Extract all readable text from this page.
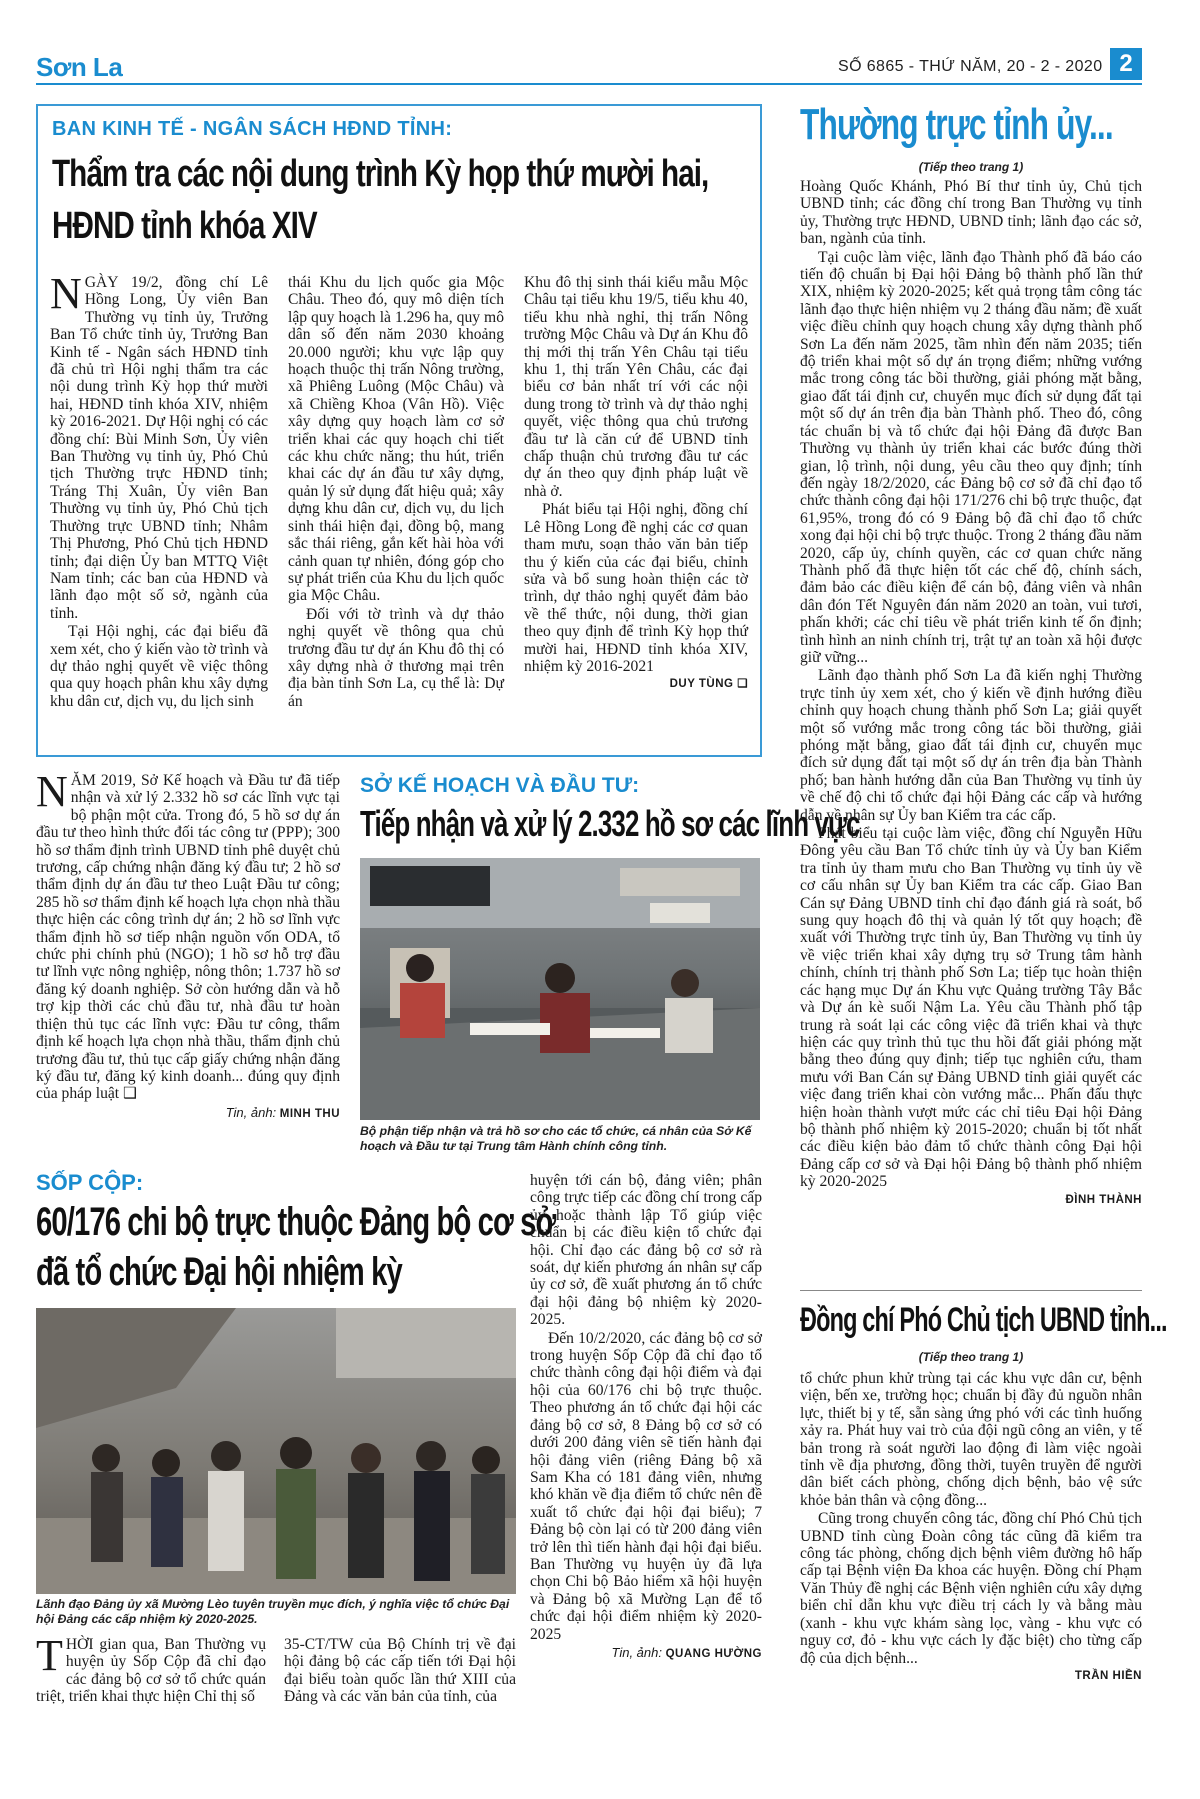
Sơn La	SỐ 6865 - THỨ NĂM, 20 - 2 - 2020 2
BAN KINH TẾ - NGÂN SÁCH HĐND TỈNH:
Thẩm tra các nội dung trình Kỳ họp thứ mười hai,
HĐND tỉnh khóa XIV

NGÀY 19/2, đồng chí Lê Hồng Long, Ủy viên Ban Thường vụ tỉnh ủy, Trưởng Ban Tổ chức tỉnh ủy, Trưởng Ban Kinh tế - Ngân sách HĐND tỉnh đã chủ trì Hội nghị thẩm tra các nội dung trình Kỳ họp thứ mười hai, HĐND tỉnh khóa XIV, nhiệm kỳ 2016-2021. Dự Hội nghị có các đồng chí: Bùi Minh Sơn, Ủy viên Ban Thường vụ tỉnh ủy, Phó Chủ tịch Thường trực HĐND tỉnh; Tráng Thị Xuân, Ủy viên Ban Thường vụ tỉnh ủy, Phó Chủ tịch Thường trực UBND tỉnh; Nhâm Thị Phương, Phó Chủ tịch HĐND tỉnh; đại diện Ủy ban MTTQ Việt Nam tỉnh; các ban của HĐND và lãnh đạo một số sở, ngành của tỉnh.

Tại Hội nghị, các đại biểu đã xem xét, cho ý kiến vào tờ trình và dự thảo nghị quyết về việc thông qua quy hoạch phân khu xây dựng khu dân cư, dịch vụ, du lịch sinh

thái Khu du lịch quốc gia Mộc Châu. Theo đó, quy mô diện tích lập quy hoạch là 1.296 ha, quy mô dân số đến năm 2030 khoảng 20.000 người; khu vực lập quy hoạch thuộc thị trấn Nông trường, xã Phiêng Luông (Mộc Châu) và xã Chiềng Khoa (Vân Hồ). Việc xây dựng quy hoạch làm cơ sở triển khai các quy hoạch chi tiết các khu chức năng; thu hút, triển khai các dự án đầu tư xây dựng, quản lý sử dụng đất hiệu quả; xây dựng khu dân cư, dịch vụ, du lịch sinh thái hiện đại, đồng bộ, mang sắc thái riêng, gắn kết hài hòa với cảnh quan tự nhiên, đóng góp cho sự phát triển của Khu du lịch quốc gia Mộc Châu.

Đối với tờ trình và dự thảo nghị quyết về thông qua chủ trương đầu tư dự án Khu đô thị có xây dựng nhà ở thương mại trên địa bàn tỉnh Sơn La, cụ thể là: Dự án

Khu đô thị sinh thái kiểu mẫu Mộc Châu tại tiểu khu 19/5, tiểu khu 40, tiểu khu nhà nghỉ, thị trấn Nông trường Mộc Châu và Dự án Khu đô thị mới thị trấn Yên Châu tại tiểu khu 1, thị trấn Yên Châu, các đại biểu cơ bản nhất trí với các nội dung trong tờ trình và dự thảo nghị quyết, việc thông qua chủ trương đầu tư là căn cứ để UBND tỉnh chấp thuận chủ trương đầu tư các dự án theo quy định pháp luật về nhà ở.

Phát biểu tại Hội nghị, đồng chí Lê Hồng Long đề nghị các cơ quan tham mưu, soạn thảo văn bản tiếp thu ý kiến của các đại biểu, chỉnh sửa và bổ sung hoàn thiện các tờ trình, dự thảo nghị quyết đảm bảo về thể thức, nội dung, thời gian theo quy định để trình Kỳ họp thứ mười hai, HĐND tỉnh khóa XIV, nhiệm kỳ 2016-2021

DUY TÙNG ❑

NĂM 2019, Sở Kế hoạch và Đầu tư đã tiếp nhận và xử lý 2.332 hồ sơ các lĩnh vực tại bộ phận một cửa. Trong đó, 5 hồ sơ dự án đầu tư theo hình thức đối tác công tư (PPP); 300 hồ sơ thẩm định trình UBND tỉnh phê duyệt chủ trương, cấp chứng nhận đăng ký đầu tư; 2 hồ sơ thẩm định dự án đầu tư theo Luật Đầu tư công; 285 hồ sơ thẩm định kế hoạch lựa chọn nhà thầu thực hiện các công trình dự án; 2 hồ sơ lĩnh vực thẩm định hồ sơ tiếp nhận nguồn vốn ODA, tổ chức phi chính phủ (NGO); 1 hồ sơ hỗ trợ đầu tư lĩnh vực nông nghiệp, nông thôn; 1.737 hồ sơ đăng ký doanh nghiệp. Sở còn hướng dẫn và hỗ trợ kịp thời các chủ đầu tư, nhà đầu tư hoàn thiện thủ tục các lĩnh vực: Đầu tư công, thẩm định kế hoạch lựa chọn nhà thầu, thẩm định chủ trương đầu tư, thủ tục cấp giấy chứng nhận đăng ký đầu tư, đăng ký kinh doanh... đúng quy định của pháp luật ❑

Tin, ảnh: MINH THU
SỞ KẾ HOẠCH VÀ ĐẦU TƯ:
Tiếp nhận và xử lý 2.332 hồ sơ các lĩnh vực
Bộ phận tiếp nhận và trả hồ sơ cho các tổ chức, cá nhân của Sở Kế hoạch và Đầu tư tại Trung tâm Hành chính công tỉnh.
SỐP CỘP:
60/176 chi bộ trực thuộc Đảng bộ cơ sở
đã tổ chức Đại hội nhiệm kỳ
Lãnh đạo Đảng ủy xã Mường Lèo tuyên truyền mục đích, ý nghĩa việc tổ chức Đại hội Đảng các cấp nhiệm kỳ 2020-2025.

THỜI gian qua, Ban Thường vụ huyện ủy Sốp Cộp đã chỉ đạo các đảng bộ cơ sở tổ chức quán triệt, triển khai thực hiện Chỉ thị số

35-CT/TW của Bộ Chính trị về đại hội đảng bộ các cấp tiến tới Đại hội đại biểu toàn quốc lần thứ XIII của Đảng và các văn bản của tỉnh, của

huyện tới cán bộ, đảng viên; phân công trực tiếp các đồng chí trong cấp ủy hoặc thành lập Tổ giúp việc chuẩn bị các điều kiện tổ chức đại hội. Chỉ đạo các đảng bộ cơ sở rà soát, dự kiến phương án nhân sự cấp ủy cơ sở, đề xuất phương án tổ chức đại hội đảng bộ nhiệm kỳ 2020-2025.

Đến 10/2/2020, các đảng bộ cơ sở trong huyện Sốp Cộp đã chỉ đạo tổ chức thành công đại hội điểm và đại hội của 60/176 chi bộ trực thuộc. Theo phương án tổ chức đại hội các đảng bộ cơ sở, 8 Đảng bộ cơ sở có dưới 200 đảng viên sẽ tiến hành đại hội đảng viên (riêng Đảng bộ xã Sam Kha có 181 đảng viên, nhưng khó khăn về địa điểm tổ chức nên đề xuất tổ chức đại hội đại biểu); 7 Đảng bộ còn lại có từ 200 đảng viên trở lên thì tiến hành đại hội đại biểu. Ban Thường vụ huyện ủy đã lựa chọn Chi bộ Bảo hiểm xã hội huyện và Đảng bộ xã Mường Lạn để tổ chức đại hội điểm nhiệm kỳ 2020-2025

Tin, ảnh: QUANG HƯỜNG
Thường trực tỉnh ủy...
(Tiếp theo trang 1)

Hoàng Quốc Khánh, Phó Bí thư tỉnh ủy, Chủ tịch UBND tỉnh; các đồng chí trong Ban Thường vụ tỉnh ủy, Thường trực HĐND, UBND tỉnh; lãnh đạo các sở, ban, ngành của tỉnh.

Tại cuộc làm việc, lãnh đạo Thành phố đã báo cáo tiến độ chuẩn bị Đại hội Đảng bộ thành phố lần thứ XIX, nhiệm kỳ 2020-2025; kết quả trọng tâm công tác lãnh đạo thực hiện nhiệm vụ 2 tháng đầu năm; đề xuất việc điều chỉnh quy hoạch chung xây dựng thành phố Sơn La đến năm 2025, tầm nhìn đến năm 2035; tiến độ triển khai một số dự án trọng điểm; những vướng mắc trong công tác bồi thường, giải phóng mặt bằng, giao đất tái định cư, chuyển mục đích sử dụng đất tại một số dự án trên địa bàn Thành phố. Theo đó, công tác chuẩn bị và tổ chức đại hội Đảng đã được Ban Thường vụ thành ủy triển khai các bước đúng thời gian, lộ trình, nội dung, yêu cầu theo quy định; tính đến ngày 18/2/2020, các Đảng bộ cơ sở đã chỉ đạo tổ chức thành công đại hội 171/276 chi bộ trực thuộc, đạt 61,95%, trong đó có 9 Đảng bộ đã chỉ đạo tổ chức xong đại hội chi bộ trực thuộc. Trong 2 tháng đầu năm 2020, cấp ủy, chính quyền, các cơ quan chức năng Thành phố đã thực hiện tốt các chế độ, chính sách, đảm bảo các điều kiện để cán bộ, đảng viên và nhân dân đón Tết Nguyên đán năm 2020 an toàn, vui tươi, phấn khởi; các chỉ tiêu về phát triển kinh tế ổn định; tình hình an ninh chính trị, trật tự an toàn xã hội được giữ vững...

Lãnh đạo thành phố Sơn La đã kiến nghị Thường trực tỉnh ủy xem xét, cho ý kiến về định hướng điều chỉnh quy hoạch chung thành phố Sơn La; giải quyết một số vướng mắc trong công tác bồi thường, giải phóng mặt bằng, giao đất tái định cư, chuyển mục đích sử dụng đất tại một số dự án trên địa bàn Thành phố; ban hành hướng dẫn của Ban Thường vụ tỉnh ủy về chế độ chi tổ chức đại hội Đảng các cấp và hướng dẫn về nhân sự Ủy ban Kiểm tra các cấp.

Phát biểu tại cuộc làm việc, đồng chí Nguyễn Hữu Đông yêu cầu Ban Tổ chức tỉnh ủy và Ủy ban Kiểm tra tỉnh ủy tham mưu cho Ban Thường vụ tỉnh ủy về cơ cấu nhân sự Ủy ban Kiểm tra các cấp. Giao Ban Cán sự Đảng UBND tỉnh chỉ đạo đánh giá rà soát, bổ sung quy hoạch đô thị và quản lý tốt quy hoạch; đề xuất với Thường trực tỉnh ủy, Ban Thường vụ tỉnh ủy về việc triển khai xây dựng trụ sở Trung tâm hành chính, chính trị thành phố Sơn La; tiếp tục hoàn thiện các hạng mục Dự án Khu vực Quảng trường Tây Bắc và Dự án kè suối Nậm La. Yêu cầu Thành phố tập trung rà soát lại các công việc đã triển khai và thực hiện các quy trình thủ tục thu hồi đất giải phóng mặt bằng theo đúng quy định; tiếp tục nghiên cứu, tham mưu với Ban Cán sự Đảng UBND tỉnh giải quyết các việc đang triển khai còn vướng mắc... Phấn đấu thực hiện hoàn thành vượt mức các chỉ tiêu Đại hội Đảng bộ thành phố nhiệm kỳ 2015-2020; chuẩn bị tốt nhất các điều kiện bảo đảm tổ chức thành công Đại hội Đảng cấp cơ sở và Đại hội Đảng bộ thành phố nhiệm kỳ 2020-2025

ĐÌNH THÀNH
Đồng chí Phó Chủ tịch UBND tỉnh...
(Tiếp theo trang 1)

tổ chức phun khử trùng tại các khu vực dân cư, bệnh viện, bến xe, trường học; chuẩn bị đầy đủ nguồn nhân lực, thiết bị y tế, sẵn sàng ứng phó với các tình huống xảy ra. Phát huy vai trò của đội ngũ công an viên, y tế bản trong rà soát người lao động đi làm việc ngoài tỉnh về địa phương, đồng thời, tuyên truyền để người dân biết cách phòng, chống dịch bệnh, bảo vệ sức khỏe bản thân và cộng đồng...

Cũng trong chuyến công tác, đồng chí Phó Chủ tịch UBND tỉnh cùng Đoàn công tác cũng đã kiểm tra công tác phòng, chống dịch bệnh viêm đường hô hấp cấp tại Bệnh viện Đa khoa các huyện. Đồng chí Phạm Văn Thủy đề nghị các Bệnh viện nghiên cứu xây dựng biển chỉ dẫn khu vực điều trị cách ly và bằng màu (xanh - khu vực khám sàng lọc, vàng - khu vực có nguy cơ, đỏ - khu vực cách ly đặc biệt) cho từng cấp độ của dịch bệnh...

TRẦN HIỀN
